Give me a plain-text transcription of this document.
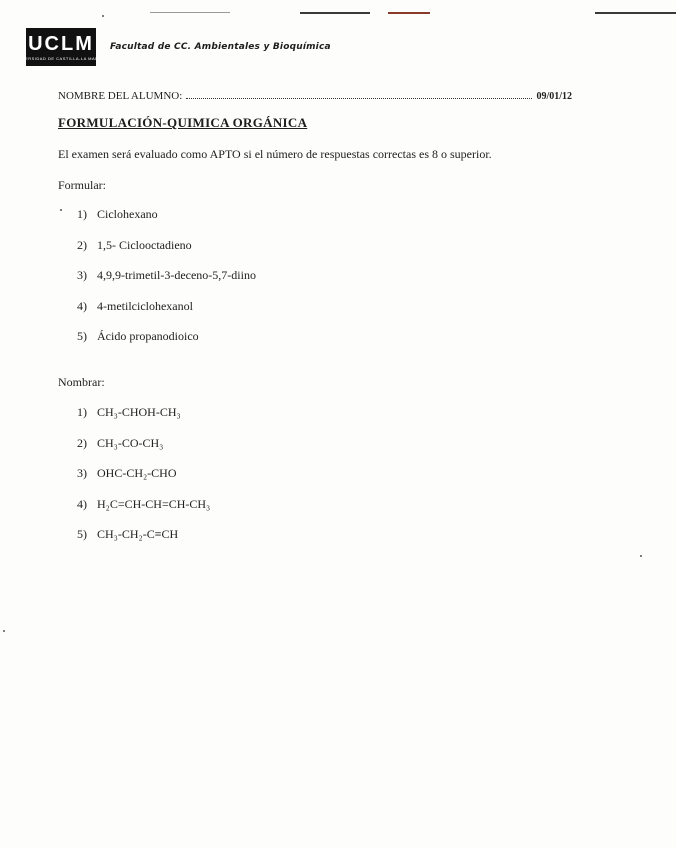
UCLM
UNIVERSIDAD DE CASTILLA-LA MANCHA
Facultad de CC. Ambientales y Bioquímica
NOMBRE DEL ALUMNO:	09/01/12
FORMULACIÓN-QUIMICA ORGÁNICA
El examen será evaluado como APTO si el número de respuestas correctas es 8 o superior.
Formular:
1) Ciclohexano
2) 1,5- Ciclooctadieno
3) 4,9,9-trimetil-3-deceno-5,7-diino
4) 4-metilciclohexanol
5) Ácido propanodioico
Nombrar:
1) CH₃-CHOH-CH₃
2) CH₃-CO-CH₃
3) OHC-CH₂-CHO
4) H₂C=CH-CH=CH-CH₃
5) CH₃-CH₂-C≡CH
